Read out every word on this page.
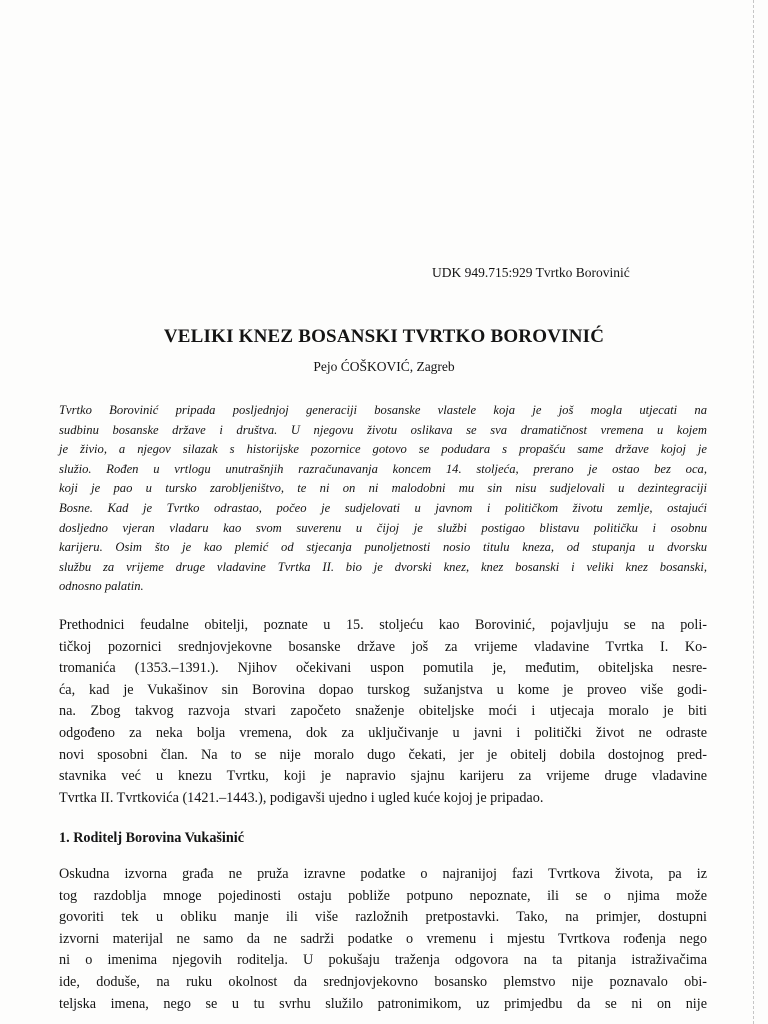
UDK 949.715:929 Tvrtko Borovinić
VELIKI KNEZ BOSANSKI TVRTKO BOROVINIĆ
Pejo ĆOŠKOVIĆ, Zagreb
Tvrtko Borovinić pripada posljednjoj generaciji bosanske vlastele koja je još mogla utjecati na
sudbinu bosanske države i društva. U njegovu životu oslikava se sva dramatičnost vremena u kojem
je živio, a njegov silazak s historijske pozornice gotovo se podudara s propašću same države kojoj je
služio. Rođen u vrtlogu unutrašnjih razračunavanja koncem 14. stoljeća, prerano je ostao bez oca,
koji je pao u tursko zarobljeništvo, te ni on ni malodobni mu sin nisu sudjelovali u dezintegraciji
Bosne. Kad je Tvrtko odrastao, počeo je sudjelovati u javnom i političkom životu zemlje, ostajući
dosljedno vjeran vladaru kao svom suverenu u čijoj je službi postigao blistavu političku i osobnu
karijeru. Osim što je kao plemić od stjecanja punoljetnosti nosio titulu kneza, od stupanja u dvorsku
službu za vrijeme druge vladavine Tvrtka II. bio je dvorski knez, knez bosanski i veliki knez bosanski,
odnosno palatin.
Prethodnici feudalne obitelji, poznate u 15. stoljeću kao Borovinić, pojavljuju se na poli-
tičkoj pozornici srednjovjekovne bosanske države još za vrijeme vladavine Tvrtka I. Ko-
tromanića (1353.–1391.). Njihov očekivani uspon pomutila je, međutim, obiteljska nesre-
ća, kad je Vukašinov sin Borovina dopao turskog sužanjstva u kome je proveo više godi-
na. Zbog takvog razvoja stvari započeto snaženje obiteljske moći i utjecaja moralo je biti
odgođeno za neka bolja vremena, dok za uključivanje u javni i politički život ne odraste
novi sposobni član. Na to se nije moralo dugo čekati, jer je obitelj dobila dostojnog pred-
stavnika već u knezu Tvrtku, koji je napravio sjajnu karijeru za vrijeme druge vladavine
Tvrtka II. Tvrtkovića (1421.–1443.), podigavši ujedno i ugled kuće kojoj je pripadao.
1. Roditelj Borovina Vukašinić
Oskudna izvorna građa ne pruža izravne podatke o najranijoj fazi Tvrtkova života, pa iz
tog razdoblja mnoge pojedinosti ostaju pobliže potpuno nepoznate, ili se o njima može
govoriti tek u obliku manje ili više razložnih pretpostavki. Tako, na primjer, dostupni
izvorni materijal ne samo da ne sadrži podatke o vremenu i mjestu Tvrtkova rođenja nego
ni o imenima njegovih roditelja. U pokušaju traženja odgovora na ta pitanja istraživačima
ide, doduše, na ruku okolnost da srednjovjekovno bosansko plemstvo nije poznavalo obi-
teljska imena, nego se u tu svrhu služilo patronimikom, uz primjedbu da se ni on nije
